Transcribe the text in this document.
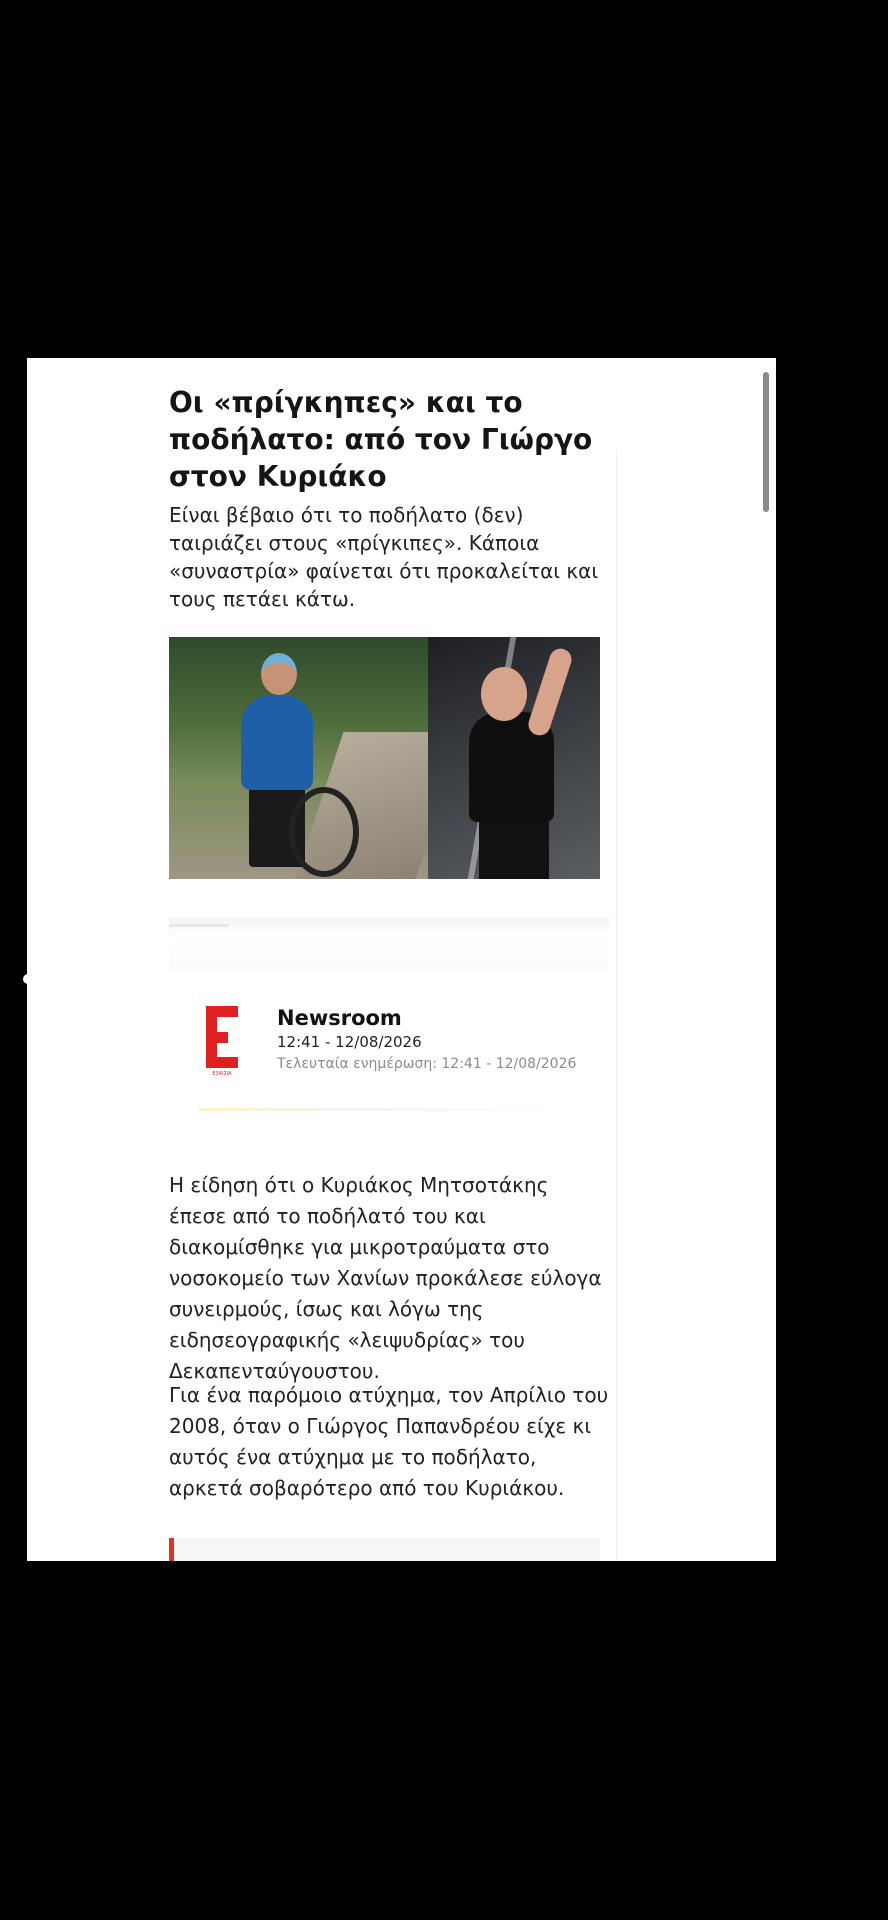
Οι «πρίγκηπες» και το ποδήλατο: από τον Γιώργο στον Κυριάκο

Είναι βέβαιο ότι το ποδήλατο (δεν) ταιριάζει στους «πρίγκιπες». Κάποια «συναστρία» φαίνεται ότι προκαλείται και τους πετάει κάτω.

ΕΞΑΙΣΙΑ
Newsroom
12:41 - 12/08/2026
Τελευταία ενημέρωση: 12:41 - 12/08/2026

Η είδηση ότι ο Κυριάκος Μητσοτάκης έπεσε από το ποδήλατό του και διακομίσθηκε για μικροτραύματα στο νοσοκομείο των Χανίων προκάλεσε εύλογα συνειρμούς, ίσως και λόγω της ειδησεογραφικής «λειψυδρίας» του Δεκαπενταύγουστου.

Για ένα παρόμοιο ατύχημα, τον Απρίλιο του 2008, όταν ο Γιώργος Παπανδρέου είχε κι αυτός ένα ατύχημα με το ποδήλατο, αρκετά σοβαρότερο από του Κυριάκου.
